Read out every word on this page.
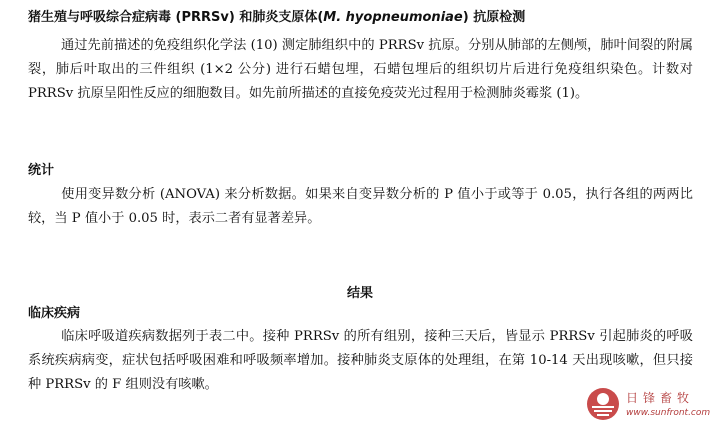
猪生殖与呼吸综合症病毒 (PRRSv) 和肺炎支原体(M. hyopneumoniae) 抗原检测
通过先前描述的免疫组织化学法 (10) 测定肺组织中的 PRRSv 抗原。分别从肺部的左侧颅，肺叶间裂的附属裂，肺后叶取出的三件组织 (1×2 公分) 进行石蜡包埋，石蜡包埋后的组织切片后进行免疫组织染色。计数对 PRRSv 抗原呈阳性反应的细胞数目。如先前所描述的直接免疫荧光过程用于检测肺炎霉浆 (1)。
统计
使用变异数分析 (ANOVA) 来分析数据。如果来自变异数分析的 P 值小于或等于 0.05，执行各组的两两比较，当 P 值小于 0.05 时，表示二者有显著差异。
结果
临床疾病
临床呼吸道疾病数据列于表二中。接种 PRRSv 的所有组别，接种三天后，皆显示 PRRSv 引起肺炎的呼吸系统疾病病变，症状包括呼吸困难和呼吸频率增加。接种肺炎支原体的处理组，在第 10-14 天出现咳嗽，但只接种 PRRSv 的 F 组则没有咳嗽。
日锋畜牧
www.sunfront.com
